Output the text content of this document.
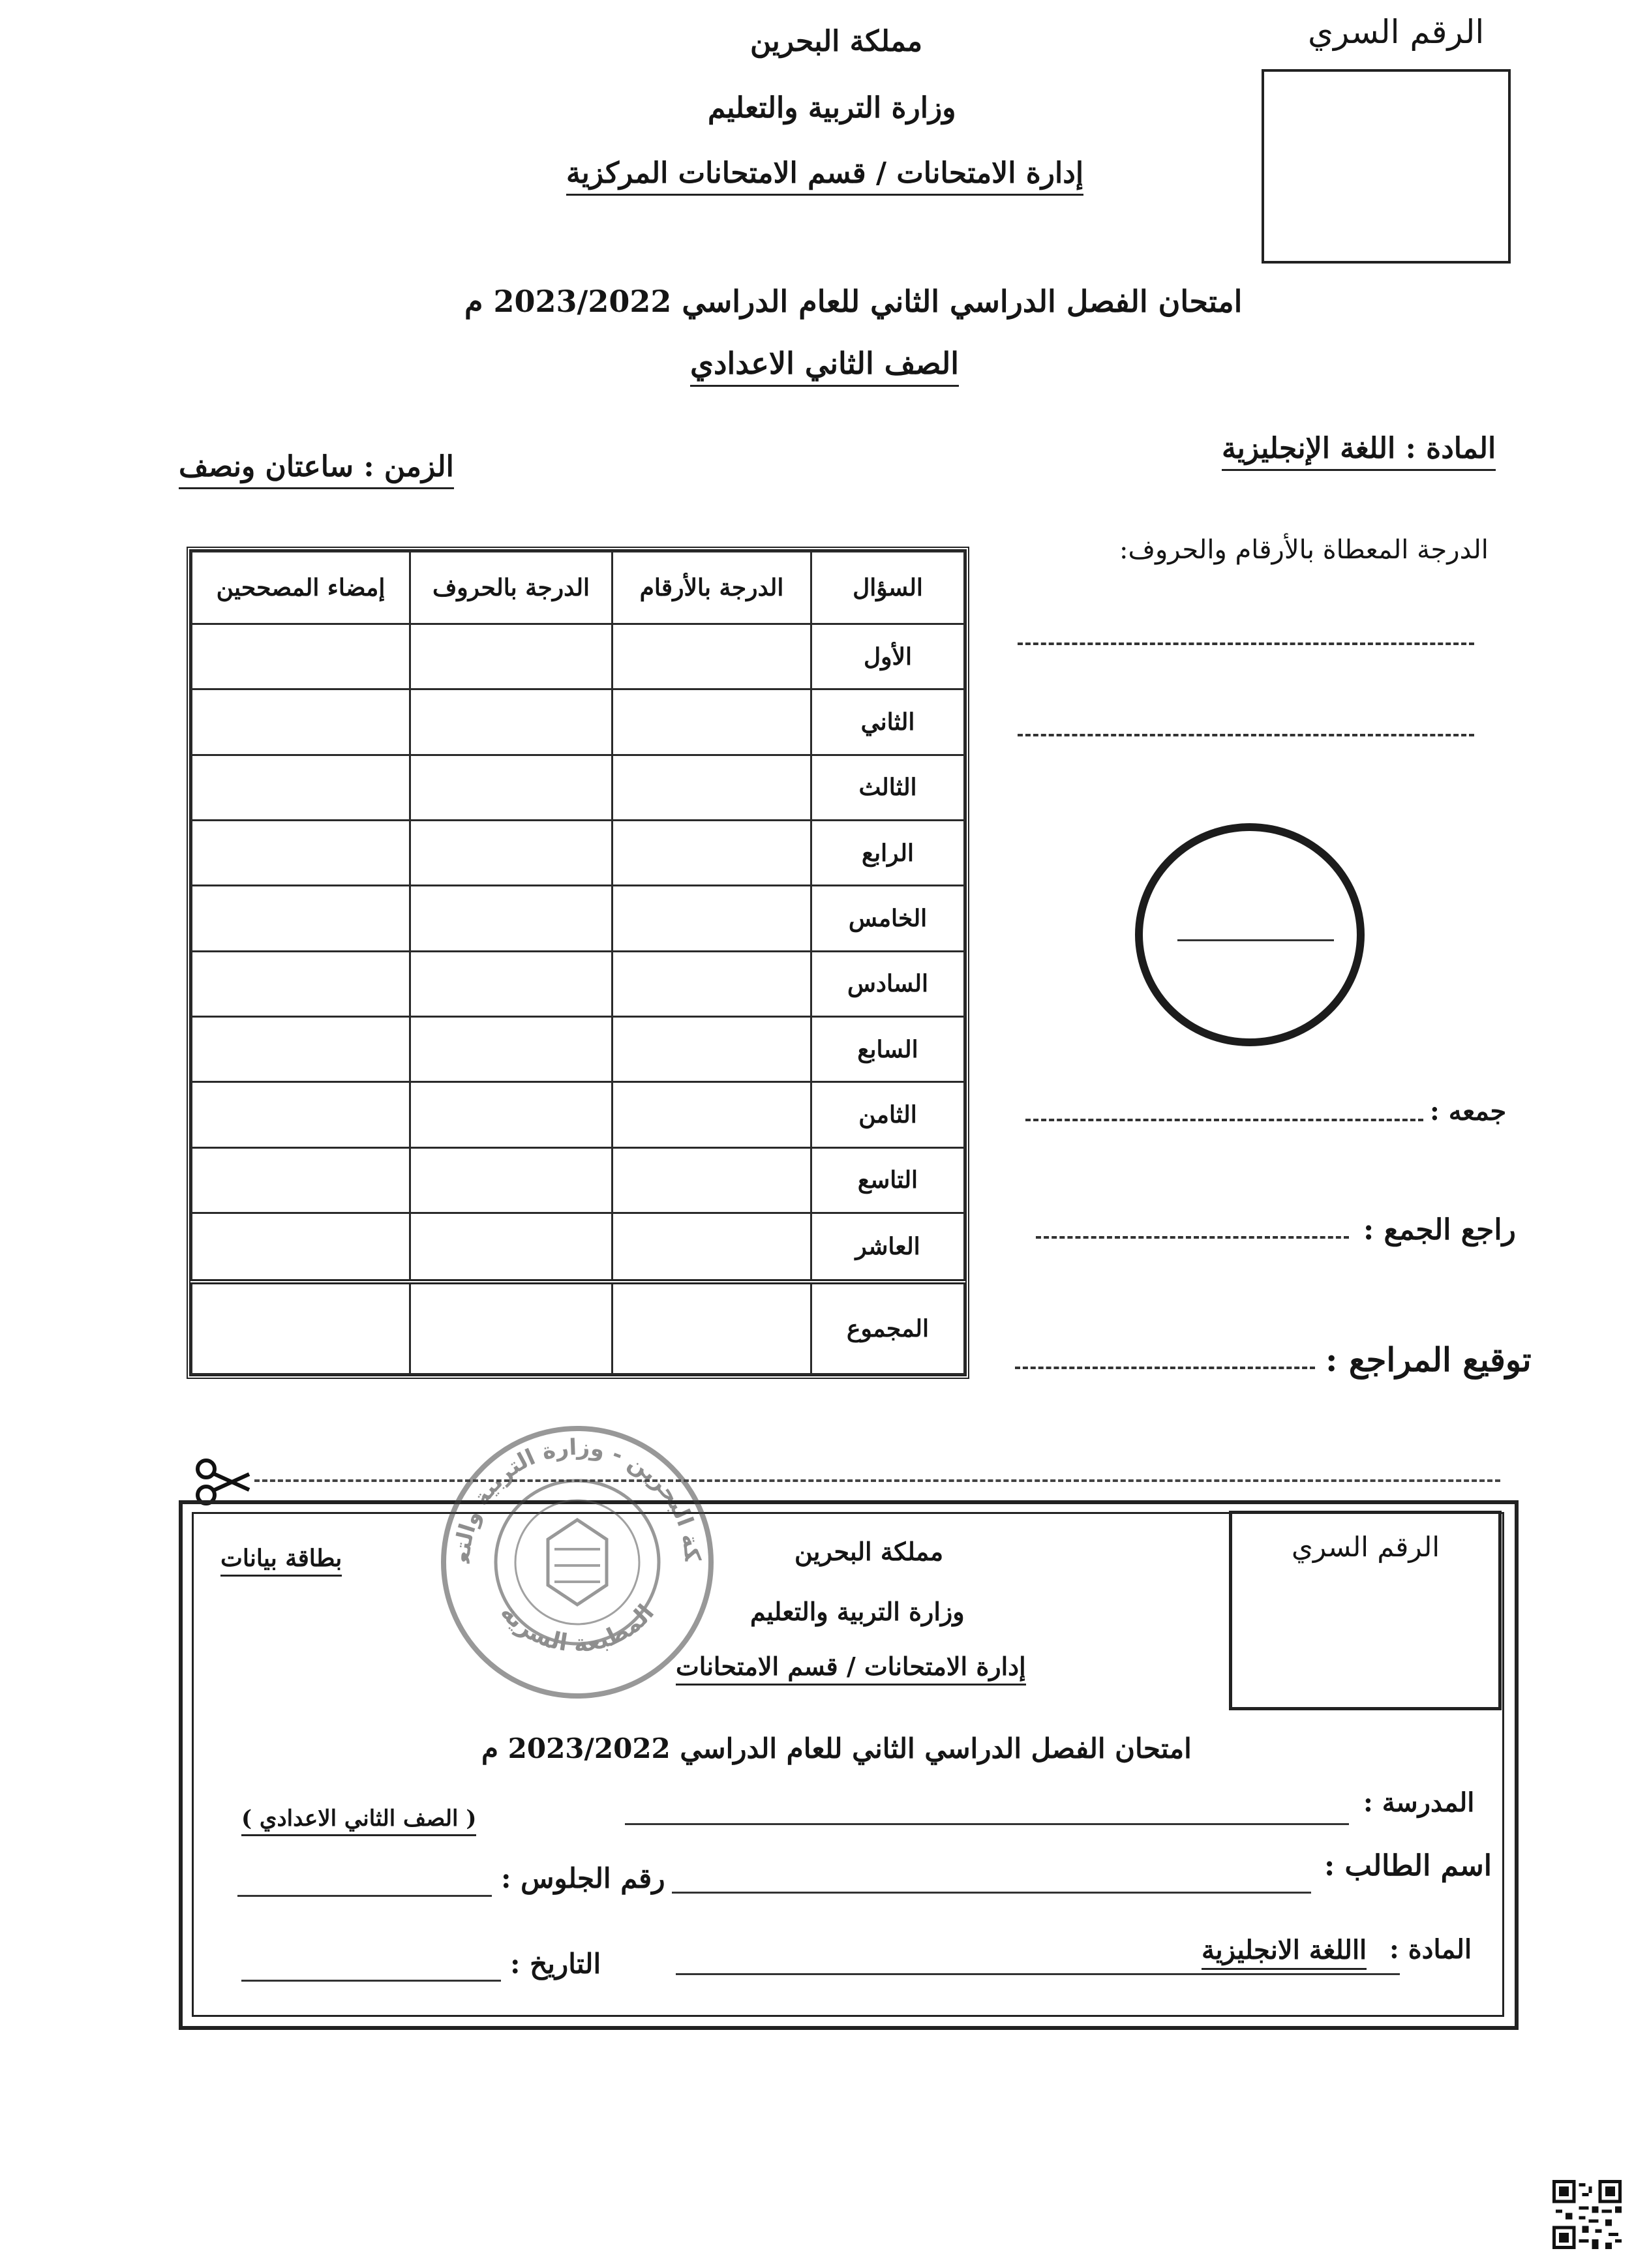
مملكة البحرين
وزارة التربية والتعليم
إدارة الامتحانات / قسم الامتحانات المركزية
الرقم السري
امتحان الفصل الدراسي الثاني للعام الدراسي 2023/2022 م
الصف الثاني الاعدادي
المادة : اللغة الإنجليزية
الزمن : ساعتان ونصف
السؤال	الدرجة بالأرقام	الدرجة بالحروف	إمضاء المصححين
الأول			
الثاني			
الثالث			
الرابع			
الخامس			
السادس			
السابع			
الثامن			
التاسع			
العاشر			
المجموع			
الدرجة المعطاة بالأرقام والحروف:
جمعه :
راجع الجمع :
توقيع المراجع :
بطاقة بيانات	مملكة البحرين
وزارة التربية والتعليم
إدارة الامتحانات / قسم الامتحانات
الرقم السري
كة البحرين - وزارة التربية والتع
المطبعة السرية
امتحان الفصل الدراسي الثاني للعام الدراسي 2023/2022 م
المدرسة :
( الصف الثاني الاعدادي )
اسم الطالب :
رقم الجلوس :
المادة :
االلغة الانجليزية
التاريخ :
